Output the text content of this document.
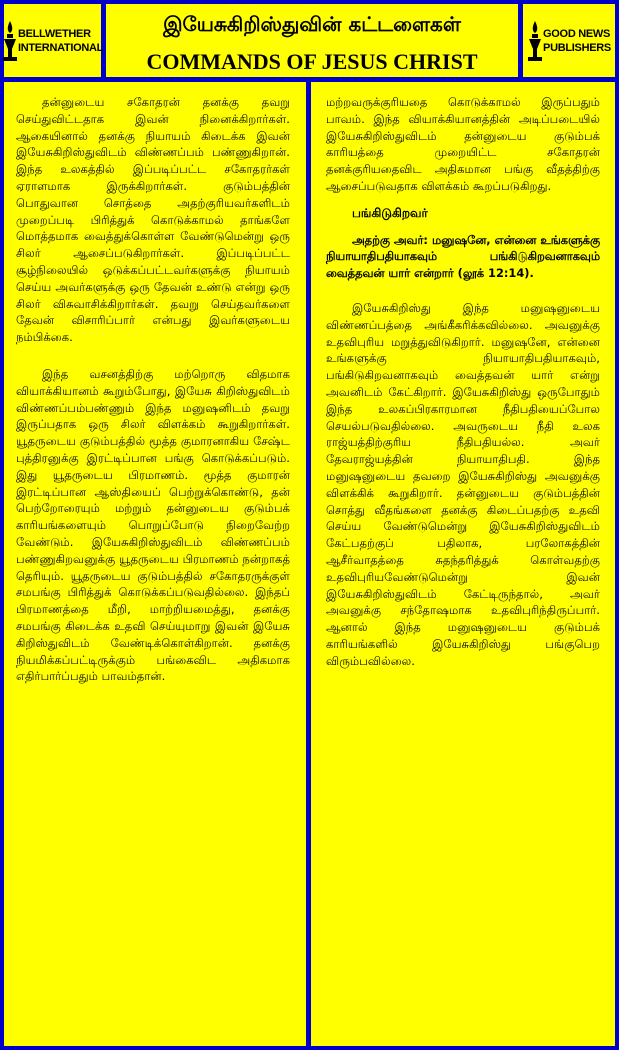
BELLWETHER
INTERNATIONAL
இயேசுகிறிஸ்துவின் கட்டளைகள்
COMMANDS OF JESUS CHRIST
GOOD NEWS
PUBLISHERS

தன்னுடைய சகோதரன் தனக்கு தவறு செய்துவிட்டதாக இவன் நினைக்கிறார்கள். ஆகையினால் தனக்கு நியாயம் கிடைக்க இவன் இயேசுகிறிஸ்துவிடம் விண்ணப்பம் பண்ணுகிறான். இந்த உலகத்தில் இப்படிப்பட்ட சகோதரர்கள் ஏராளமாக இருக்கிறார்கள். குடும்பத்தின் பொதுவான சொத்தை அதற்குரியவர்களிடம் முறைப்படி பிரித்துக் கொடுக்காமல் தாங்களே மொத்தமாக வைத்துக்கொள்ள வேண்டுமென்று ஒரு சிலர் ஆசைப்படுகிறார்கள். இப்படிப்பட்ட சூழ்நிலையில் ஒடுக்கப்பட்டவர்களுக்கு நியாயம் செய்ய அவர்களுக்கு ஒரு தேவன் உண்டு என்று ஒரு சிலர் விசுவாசிக்கிறார்கள். தவறு செய்தவர்களை தேவன் விசாரிப்பார் என்பது இவர்களுடைய நம்பிக்கை.

இந்த வசனத்திற்கு மற்றொரு விதமாக வியாக்கியானம் கூறும்போது, இயேசு கிறிஸ்துவிடம் விண்ணப்பம்பண்ணும் இந்த மனுஷனிடம் தவறு இருப்பதாக ஒரு சிலர் விளக்கம் கூறுகிறார்கள். யூதருடைய குடும்பத்தில் மூத்த குமாரனாகிய சேஷ்ட புத்திரனுக்கு இரட்டிப்பான பங்கு கொடுக்கப்படும். இது யூதருடைய பிரமாணம். மூத்த குமாரன் இரட்டிப்பான ஆஸ்தியைப் பெற்றுக்கொண்டு, தன் பெற்றோரையும் மற்றும் தன்னுடைய குடும்பக் காரியங்களையும் பொறுப்போடு நிறைவேற்ற வேண்டும். இயேசுகிறிஸ்துவிடம் விண்ணப்பம் பண்ணுகிறவனுக்கு யூதருடைய பிரமாணம் நன்றாகத் தெரியும். யூதருடைய குடும்பத்தில் சகோதரருக்குள் சமபங்கு பிரித்துக் கொடுக்கப்படுவதில்லை. இந்தப் பிரமாணத்தை மீறி, மாற்றியமைத்து, தனக்கு சமபங்கு கிடைக்க உதவி செய்யுமாறு இவன் இயேசு கிறிஸ்துவிடம் வேண்டிக்கொள்கிறான். தனக்கு நியமிக்கப்பட்டிருக்கும் பங்கைவிட அதிகமாக எதிர்பார்ப்பதும் பாவம்தான்.

மற்றவருக்குரியதை கொடுக்காமல் இருப்பதும் பாவம். இந்த வியாக்கியானத்தின் அடிப்படையில் இயேசுகிறிஸ்துவிடம் தன்னுடைய குடும்பக் காரியத்தை முறையிட்ட சகோதரன் தனக்குரியதைவிட அதிகமான பங்கு வீதத்திற்கு ஆசைப்படுவதாக விளக்கம் கூறப்படுகிறது.

பங்கிடுகிறவர்

அதற்கு அவர்: மனுஷனே, என்னை உங்களுக்கு நியாயாதிபதியாகவும் பங்கிடுகிறவனாகவும் வைத்தவன் யார் என்றார் (லூக் 12:14).

இயேசுகிறிஸ்து இந்த மனுஷனுடைய விண்ணப்பத்தை அங்கீகரிக்கவில்லை. அவனுக்கு உதவிபுரிய மறுத்துவிடுகிறார். மனுஷனே, என்னை உங்களுக்கு நியாயாதிபதியாகவும், பங்கிடுகிறவனாகவும் வைத்தவன் யார் என்று அவனிடம் கேட்கிறார். இயேசுகிறிஸ்து ஒருபோதும் இந்த உலகப்பிரகாரமான நீதிபதியைப்போல செயல்படுவதில்லை. அவருடைய நீதி உலக ராஜ்யத்திற்குரிய நீதிபதியல்ல. அவர் தேவராஜ்யத்தின் நியாயாதிபதி. இந்த மனுஷனுடைய தவறை இயேசுகிறிஸ்து அவனுக்கு விளக்கிக் கூறுகிறார். தன்னுடைய குடும்பத்தின் சொத்து வீதங்களை தனக்கு கிடைப்பதற்கு உதவி செய்ய வேண்டுமென்று இயேசுகிறிஸ்துவிடம் கேட்பதற்குப் பதிலாக, பரலோகத்தின் ஆசீர்வாதத்தை சுதந்தரித்துக் கொள்வதற்கு உதவிபுரியவேண்டுமென்று இவன் இயேசுகிறிஸ்துவிடம் கேட்டிருந்தால், அவர் அவனுக்கு சந்தோஷமாக உதவிபுரிந்திருப்பார். ஆனால் இந்த மனுஷனுடைய குடும்பக் காரியங்களில் இயேசுகிறிஸ்து பங்குபெற விரும்பவில்லை.
